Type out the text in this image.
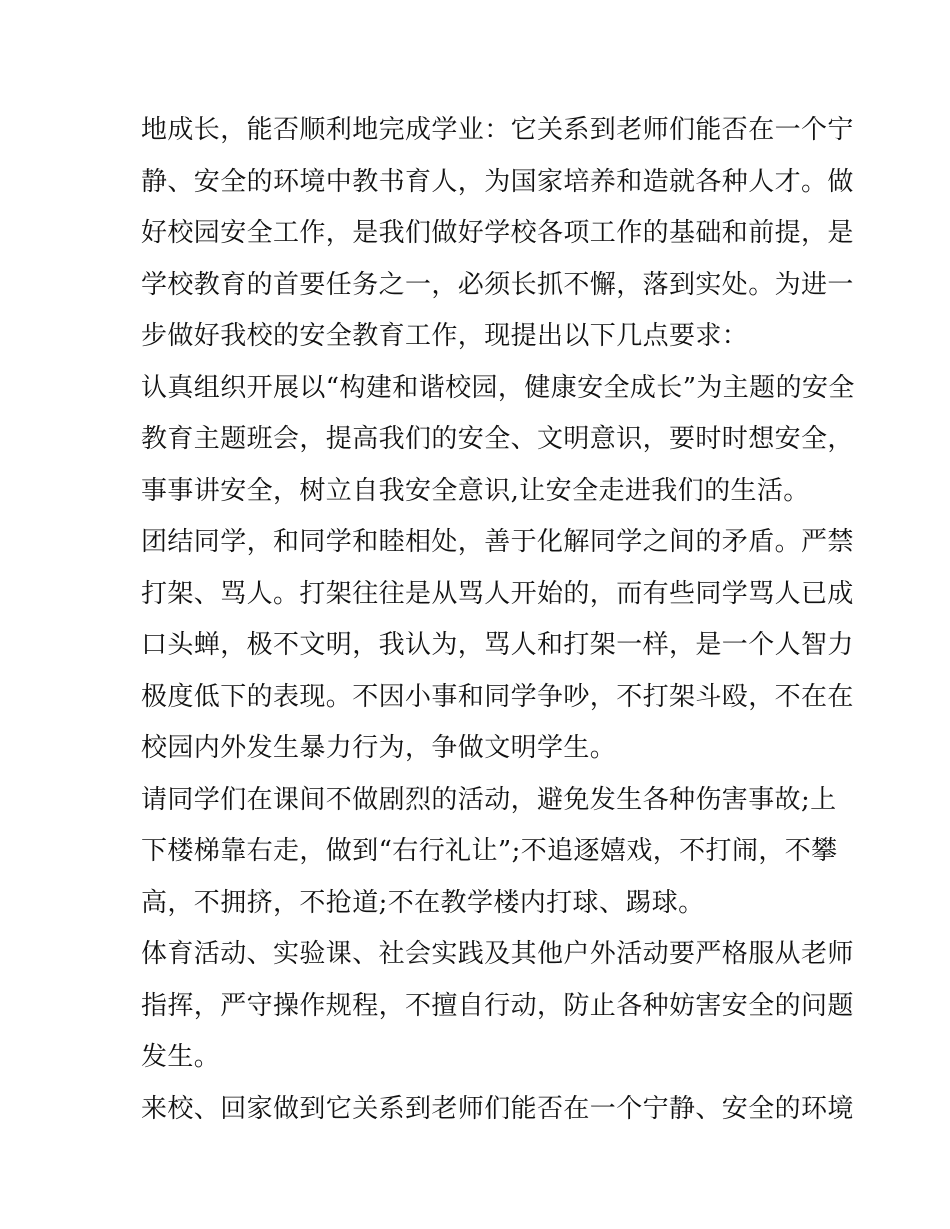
地成长，能否顺利地完成学业：它关系到老师们能否在一个宁
静、安全的环境中教书育人，为国家培养和造就各种人才。做
好校园安全工作，是我们做好学校各项工作的基础和前提，是
学校教育的首要任务之一，必须长抓不懈，落到实处。为进一
步做好我校的安全教育工作，现提出以下几点要求：
认真组织开展以“构建和谐校园，健康安全成长”为主题的安全
教育主题班会，提高我们的安全、文明意识，要时时想安全，
事事讲安全，树立自我安全意识,让安全走进我们的生活。
团结同学，和同学和睦相处，善于化解同学之间的矛盾。严禁
打架、骂人。打架往往是从骂人开始的，而有些同学骂人已成
口头蝉，极不文明，我认为，骂人和打架一样，是一个人智力
极度低下的表现。不因小事和同学争吵，不打架斗殴，不在在
校园内外发生暴力行为，争做文明学生。
请同学们在课间不做剧烈的活动，避免发生各种伤害事故;上
下楼梯靠右走，做到“右行礼让”;不追逐嬉戏，不打闹，不攀
高，不拥挤，不抢道;不在教学楼内打球、踢球。
体育活动、实验课、社会实践及其他户外活动要严格服从老师
指挥，严守操作规程，不擅自行动，防止各种妨害安全的问题
发生。
来校、回家做到它关系到老师们能否在一个宁静、安全的环境
